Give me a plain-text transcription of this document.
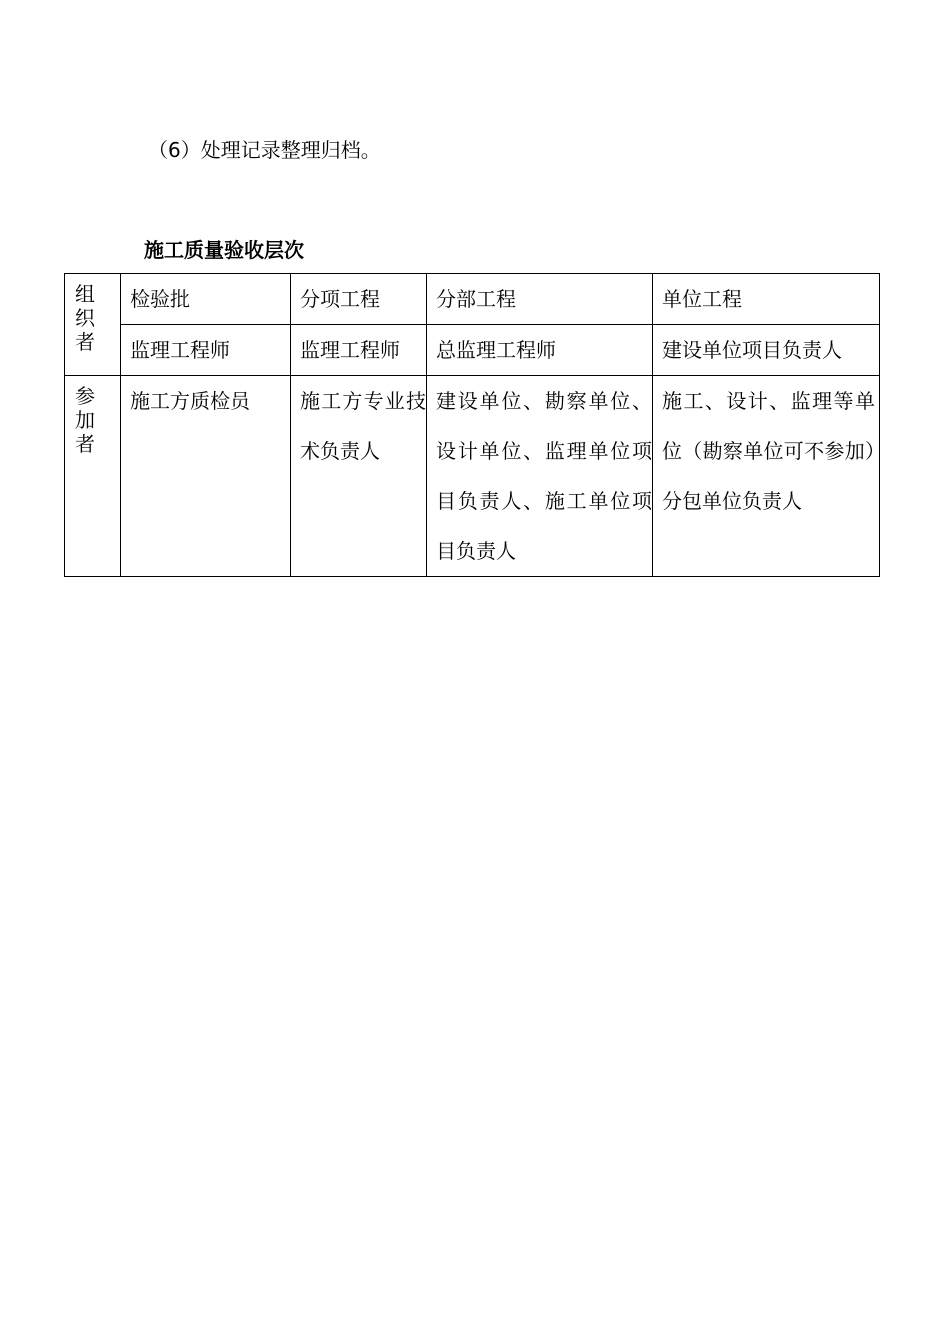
（6）处理记录整理归档。
施工质量验收层次
组织者	检验批	分项工程	分部工程	单位工程
	监理工程师	监理工程师	总监理工程师	建设单位项目负责人

参加者	施工方质检员	施工方专业技术负责人	建设单位、勘察单位、设计单位、监理单位项目负责人、施工单位项目负责人	施工、设计、监理等单位（勘察单位可不参加）分包单位负责人
